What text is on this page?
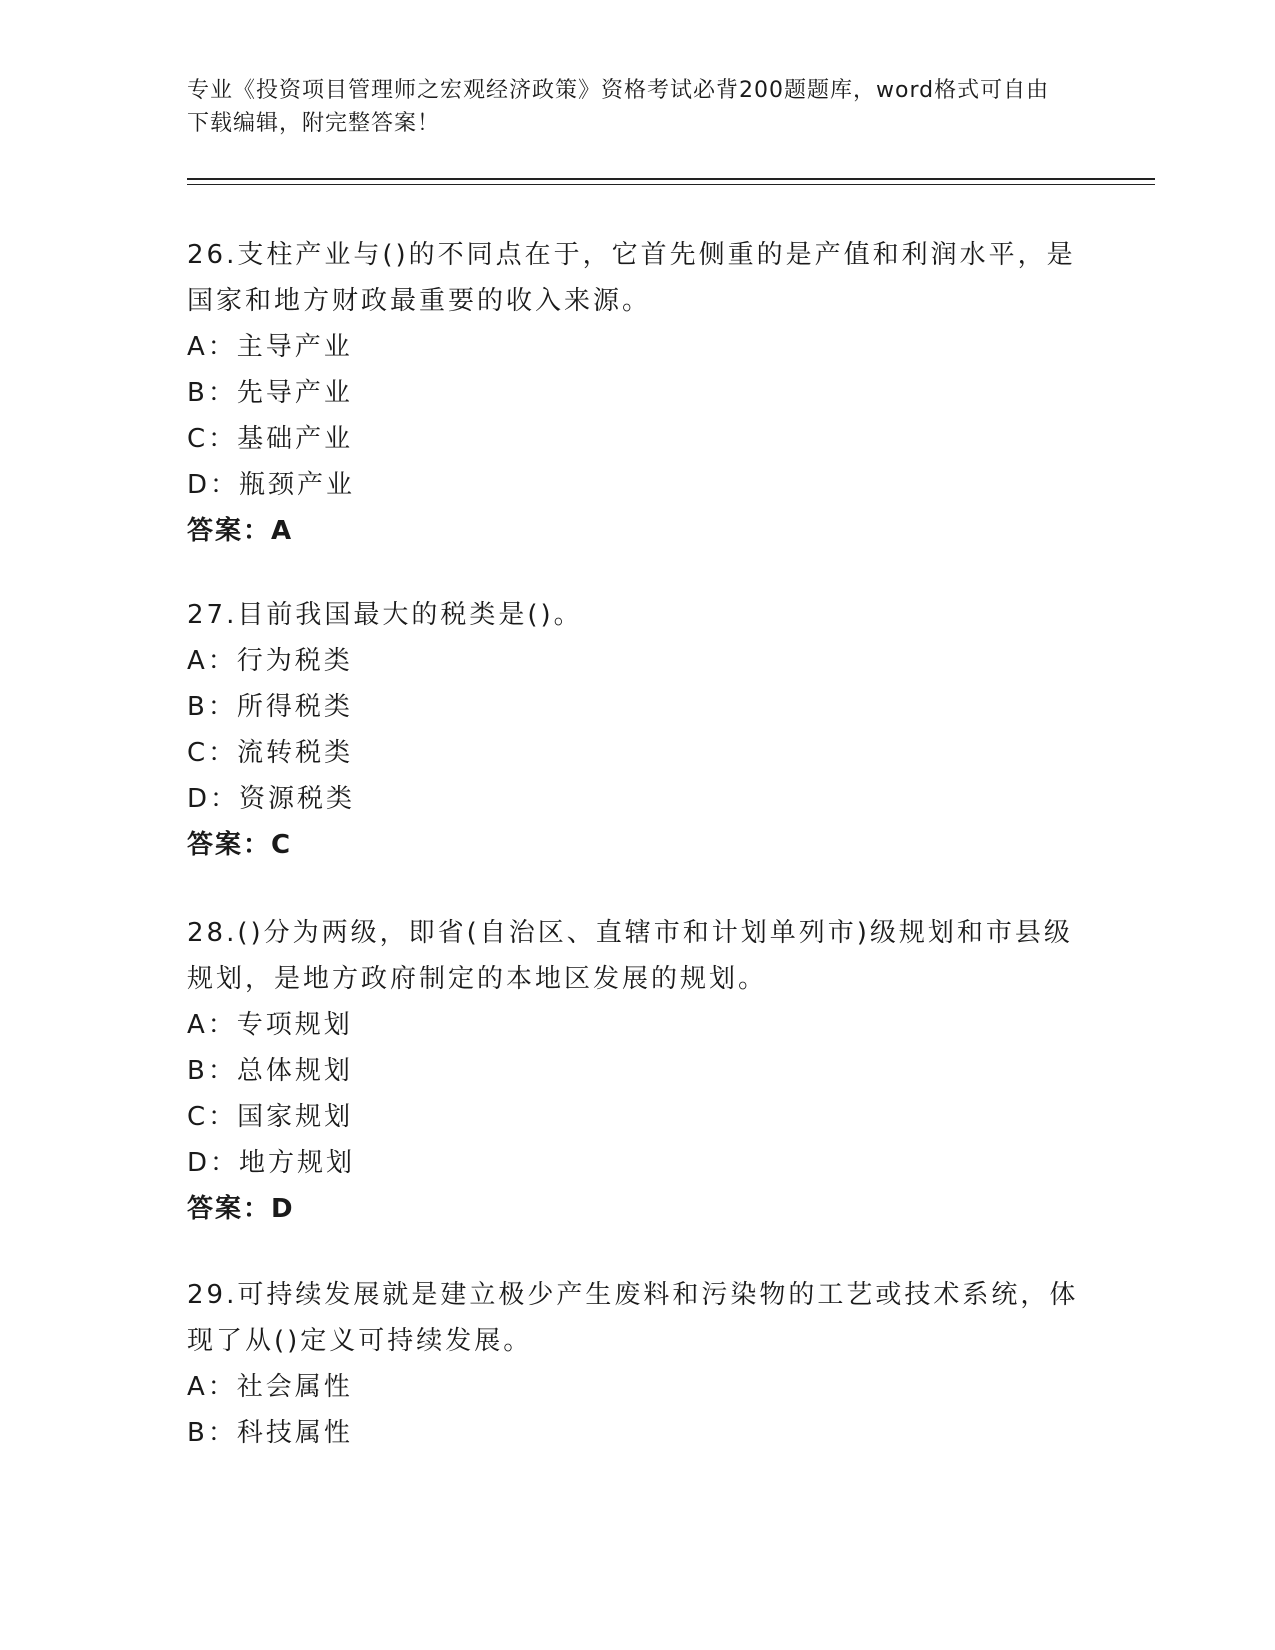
专业《投资项目管理师之宏观经济政策》资格考试必背200题题库，word格式可自由下载编辑，附完整答案！
26.支柱产业与()的不同点在于，它首先侧重的是产值和利润水平，是国家和地方财政最重要的收入来源。
A：主导产业
B：先导产业
C：基础产业
D：瓶颈产业
答案：A
27.目前我国最大的税类是()。
A：行为税类
B：所得税类
C：流转税类
D：资源税类
答案：C
28.()分为两级，即省(自治区、直辖市和计划单列市)级规划和市县级规划，是地方政府制定的本地区发展的规划。
A：专项规划
B：总体规划
C：国家规划
D：地方规划
答案：D
29.可持续发展就是建立极少产生废料和污染物的工艺或技术系统，体现了从()定义可持续发展。
A：社会属性
B：科技属性
